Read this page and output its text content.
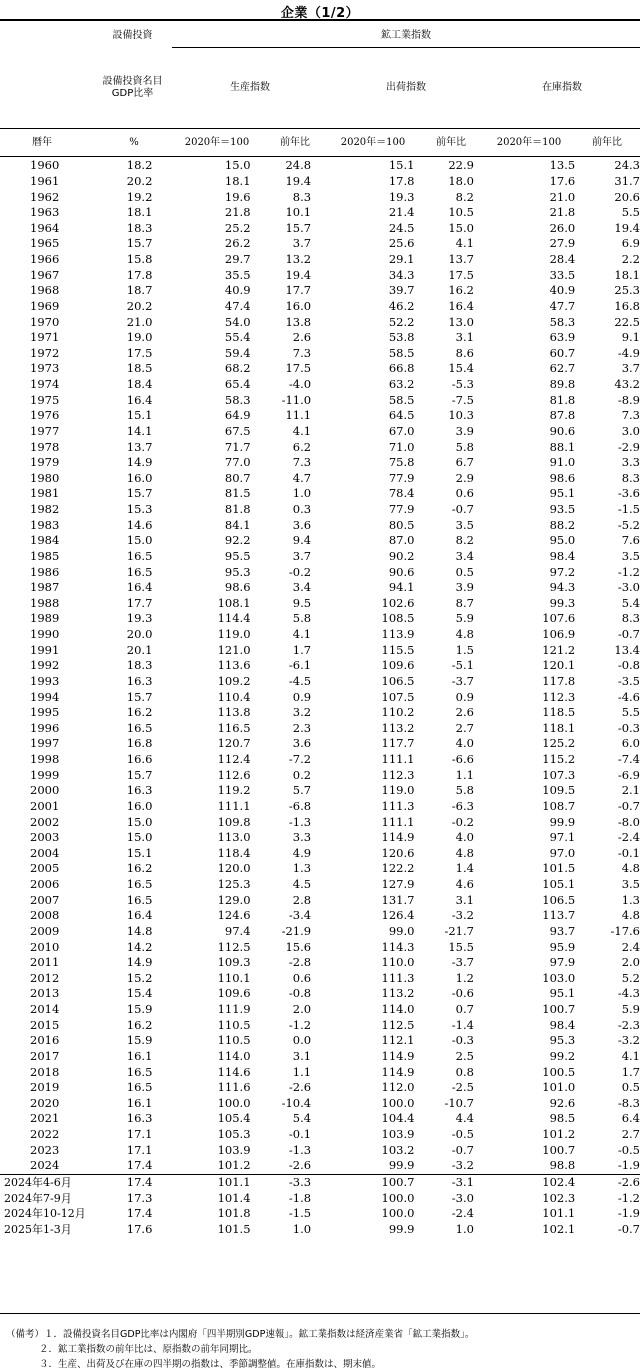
企業（1/2）
設備投資	鉱工業指数
設備投資名目
GDP比率
生産指数	出荷指数	在庫指数
暦年	%	2020年＝100	前年比	2020年＝100	前年比	2020年＝100	前年比
1960	18.2	15.0	24.8	15.1	22.9	13.5	24.3
1961	20.2	18.1	19.4	17.8	18.0	17.6	31.7
1962	19.2	19.6	8.3	19.3	8.2	21.0	20.6
1963	18.1	21.8	10.1	21.4	10.5	21.8	5.5
1964	18.3	25.2	15.7	24.5	15.0	26.0	19.4
1965	15.7	26.2	3.7	25.6	4.1	27.9	6.9
1966	15.8	29.7	13.2	29.1	13.7	28.4	2.2
1967	17.8	35.5	19.4	34.3	17.5	33.5	18.1
1968	18.7	40.9	17.7	39.7	16.2	40.9	25.3
1969	20.2	47.4	16.0	46.2	16.4	47.7	16.8
1970	21.0	54.0	13.8	52.2	13.0	58.3	22.5
1971	19.0	55.4	2.6	53.8	3.1	63.9	9.1
1972	17.5	59.4	7.3	58.5	8.6	60.7	-4.9
1973	18.5	68.2	17.5	66.8	15.4	62.7	3.7
1974	18.4	65.4	-4.0	63.2	-5.3	89.8	43.2
1975	16.4	58.3	-11.0	58.5	-7.5	81.8	-8.9
1976	15.1	64.9	11.1	64.5	10.3	87.8	7.3
1977	14.1	67.5	4.1	67.0	3.9	90.6	3.0
1978	13.7	71.7	6.2	71.0	5.8	88.1	-2.9
1979	14.9	77.0	7.3	75.8	6.7	91.0	3.3
1980	16.0	80.7	4.7	77.9	2.9	98.6	8.3
1981	15.7	81.5	1.0	78.4	0.6	95.1	-3.6
1982	15.3	81.8	0.3	77.9	-0.7	93.5	-1.5
1983	14.6	84.1	3.6	80.5	3.5	88.2	-5.2
1984	15.0	92.2	9.4	87.0	8.2	95.0	7.6
1985	16.5	95.5	3.7	90.2	3.4	98.4	3.5
1986	16.5	95.3	-0.2	90.6	0.5	97.2	-1.2
1987	16.4	98.6	3.4	94.1	3.9	94.3	-3.0
1988	17.7	108.1	9.5	102.6	8.7	99.3	5.4
1989	19.3	114.4	5.8	108.5	5.9	107.6	8.3
1990	20.0	119.0	4.1	113.9	4.8	106.9	-0.7
1991	20.1	121.0	1.7	115.5	1.5	121.2	13.4
1992	18.3	113.6	-6.1	109.6	-5.1	120.1	-0.8
1993	16.3	109.2	-4.5	106.5	-3.7	117.8	-3.5
1994	15.7	110.4	0.9	107.5	0.9	112.3	-4.6
1995	16.2	113.8	3.2	110.2	2.6	118.5	5.5
1996	16.5	116.5	2.3	113.2	2.7	118.1	-0.3
1997	16.8	120.7	3.6	117.7	4.0	125.2	6.0
1998	16.6	112.4	-7.2	111.1	-6.6	115.2	-7.4
1999	15.7	112.6	0.2	112.3	1.1	107.3	-6.9
2000	16.3	119.2	5.7	119.0	5.8	109.5	2.1
2001	16.0	111.1	-6.8	111.3	-6.3	108.7	-0.7
2002	15.0	109.8	-1.3	111.1	-0.2	99.9	-8.0
2003	15.0	113.0	3.3	114.9	4.0	97.1	-2.4
2004	15.1	118.4	4.9	120.6	4.8	97.0	-0.1
2005	16.2	120.0	1.3	122.2	1.4	101.5	4.8
2006	16.5	125.3	4.5	127.9	4.6	105.1	3.5
2007	16.5	129.0	2.8	131.7	3.1	106.5	1.3
2008	16.4	124.6	-3.4	126.4	-3.2	113.7	4.8
2009	14.8	97.4	-21.9	99.0	-21.7	93.7	-17.6
2010	14.2	112.5	15.6	114.3	15.5	95.9	2.4
2011	14.9	109.3	-2.8	110.0	-3.7	97.9	2.0
2012	15.2	110.1	0.6	111.3	1.2	103.0	5.2
2013	15.4	109.6	-0.8	113.2	-0.6	95.1	-4.3
2014	15.9	111.9	2.0	114.0	0.7	100.7	5.9
2015	16.2	110.5	-1.2	112.5	-1.4	98.4	-2.3
2016	15.9	110.5	0.0	112.1	-0.3	95.3	-3.2
2017	16.1	114.0	3.1	114.9	2.5	99.2	4.1
2018	16.5	114.6	1.1	114.9	0.8	100.5	1.7
2019	16.5	111.6	-2.6	112.0	-2.5	101.0	0.5
2020	16.1	100.0	-10.4	100.0	-10.7	92.6	-8.3
2021	16.3	105.4	5.4	104.4	4.4	98.5	6.4
2022	17.1	105.3	-0.1	103.9	-0.5	101.2	2.7
2023	17.1	103.9	-1.3	103.2	-0.7	100.7	-0.5
2024	17.4	101.2	-2.6	99.9	-3.2	98.8	-1.9
2024年4-6月	17.4	101.1	-3.3	100.7	-3.1	102.4	-2.6
2024年7-9月	17.3	101.4	-1.8	100.0	-3.0	102.3	-1.2
2024年10-12月	17.4	101.8	-1.5	100.0	-2.4	101.1	-1.9
2025年1-3月	17.6	101.5	1.0	99.9	1.0	102.1	-0.7
（備考）１．設備投資名目GDP比率は内閣府「四半期別GDP速報」。鉱工業指数は経済産業省「鉱工業指数」。
２．鉱工業指数の前年比は、原指数の前年同期比。
３．生産、出荷及び在庫の四半期の指数は、季節調整値。在庫指数は、期末値。
